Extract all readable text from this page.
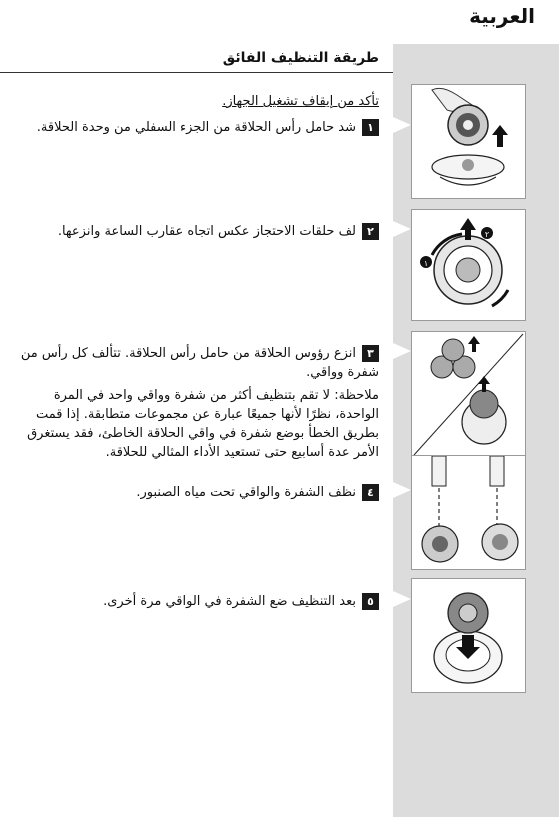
العربية
طريقة التنظيف الفائق
تأكد من إيقاف تشغيل الجهاز.
١شد حامل رأس الحلاقة من الجزء السفلي من وحدة الحلاقة.
٢لف حلقات الاحتجاز عكس اتجاه عقارب الساعة وانزعها.
٣انزع رؤوس الحلاقة من حامل رأس الحلاقة. تتألف كل رأس من شفرة وواقي.
ملاحظة: لا تقم بتنظيف أكثر من شفرة وواقي واحد في المرة الواحدة، نظرًا لأنها جميعًا عبارة عن مجموعات متطابقة. إذا قمت بطريق الخطأ بوضع شفرة في واقي الحلاقة الخاطئ، فقد يستغرق الأمر عدة أسابيع حتى تستعيد الأداء المثالي للحلاقة.
٤نظف الشفرة والواقي تحت مياه الصنبور.
٥بعد التنظيف ضع الشفرة في الواقي مرة أخرى.
١
٢
